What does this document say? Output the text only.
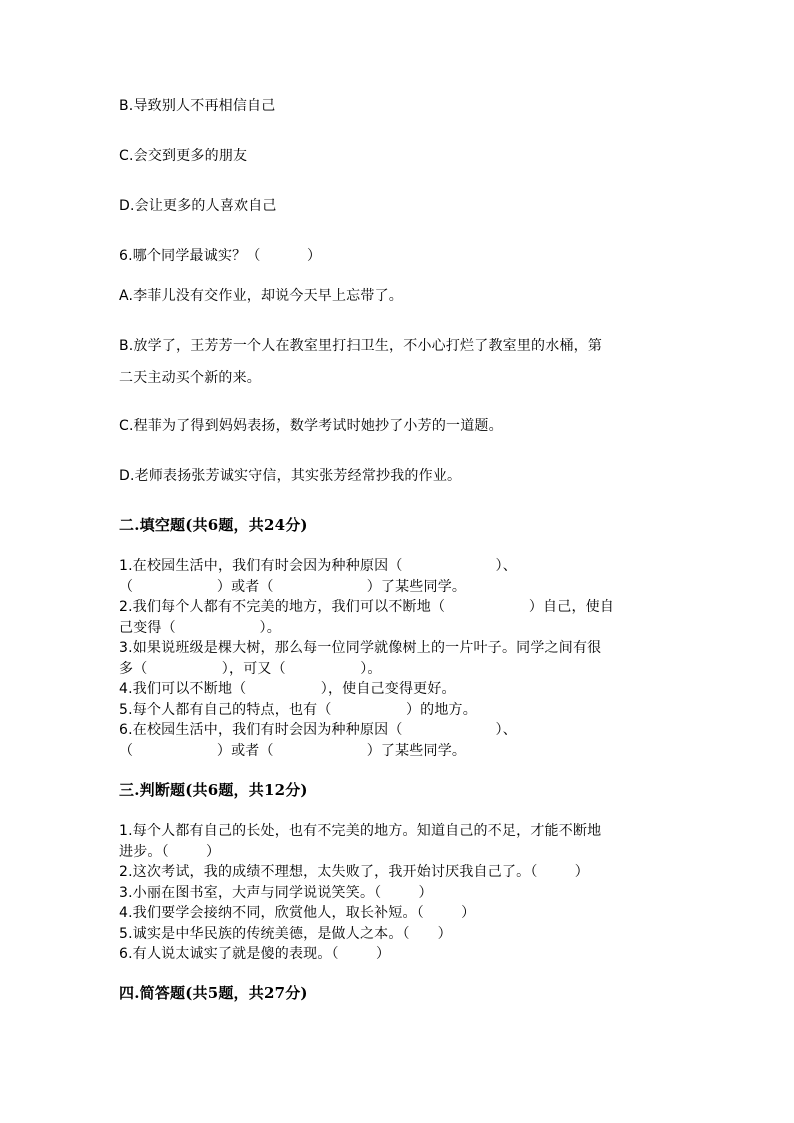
B.导致别人不再相信自己
C.会交到更多的朋友
D.会让更多的人喜欢自己
6.哪个同学最诚实？（          ）
A.李菲儿没有交作业，却说今天早上忘带了。
B.放学了，王芳芳一个人在教室里打扫卫生，不小心打烂了教室里的水桶，第
二天主动买个新的来。
C.程菲为了得到妈妈表扬，数学考试时她抄了小芳的一道题。
D.老师表扬张芳诚实守信，其实张芳经常抄我的作业。
二.填空题(共6题，共24分)
1.在校园生活中，我们有时会因为种种原因（                    ）、
（                  ）或者（                    ）了某些同学。
2.我们每个人都有不完美的地方，我们可以不断地（                  ）自己，使自
己变得（                  ）。
3.如果说班级是棵大树，那么每一位同学就像树上的一片叶子。同学之间有很
多（                ），可又（                ）。
4.我们可以不断地（                ），使自己变得更好。
5.每个人都有自己的特点，也有（                ）的地方。
6.在校园生活中，我们有时会因为种种原因（                    ）、
（                  ）或者（                    ）了某些同学。
三.判断题(共6题，共12分)
1.每个人都有自己的长处，也有不完美的地方。知道自己的不足，才能不断地
进步。（        ）
2.这次考试，我的成绩不理想，太失败了，我开始讨厌我自己了。（        ）
3.小丽在图书室，大声与同学说说笑笑。（        ）
4.我们要学会接纳不同，欣赏他人，取长补短。（        ）
5.诚实是中华民族的传统美德，是做人之本。（      ）
6.有人说太诚实了就是傻的表现。（        ）
四.简答题(共5题，共27分)
